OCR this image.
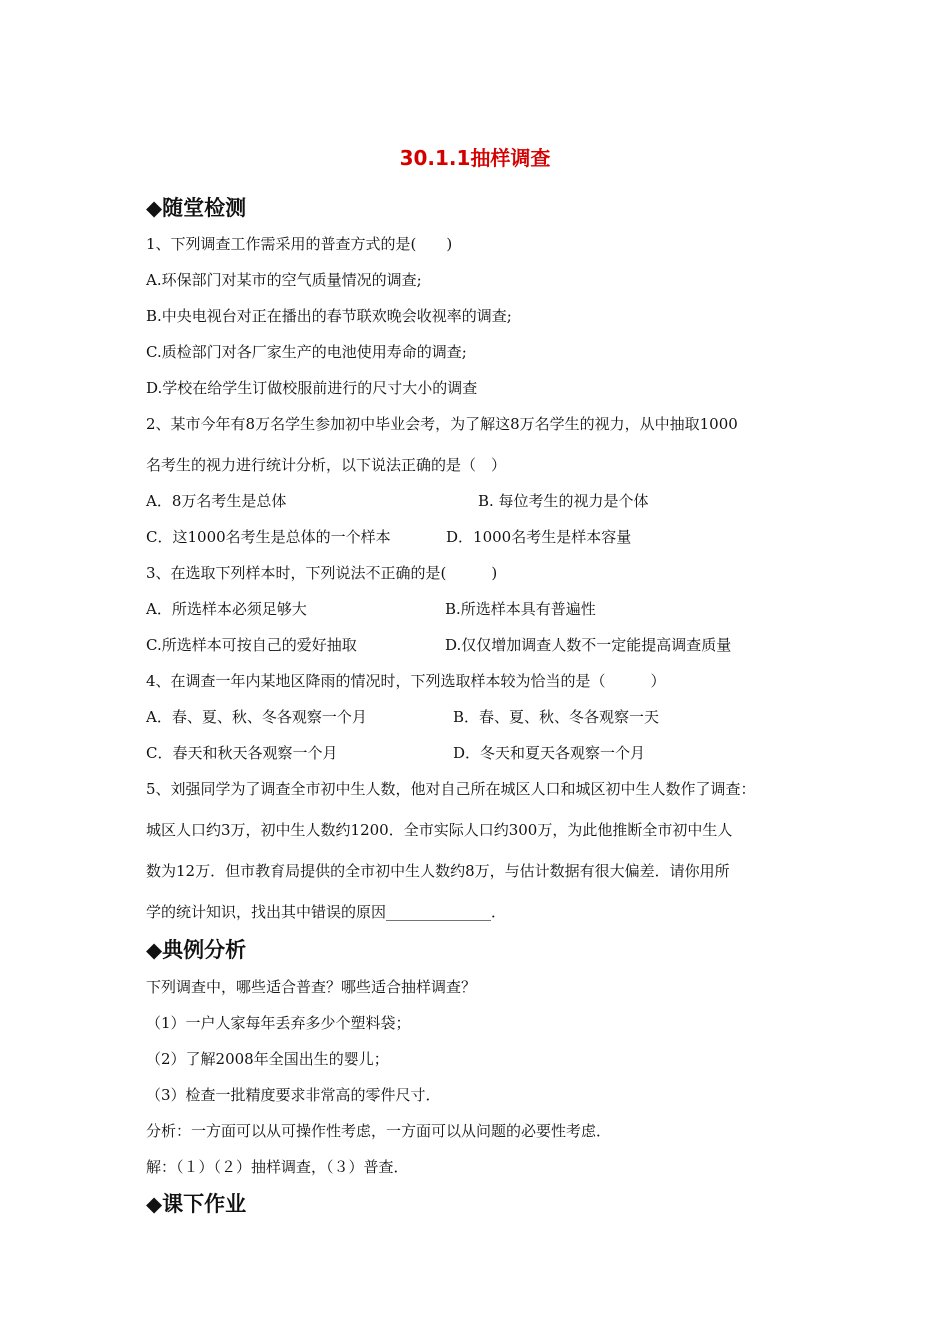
30.1.1抽样调查
◆随堂检测
1、下列调查工作需采用的普查方式的是(　　)
A.环保部门对某市的空气质量情况的调查;
B.中央电视台对正在播出的春节联欢晚会收视率的调查;
C.质检部门对各厂家生产的电池使用寿命的调查;
D.学校在给学生订做校服前进行的尺寸大小的调查
2、某市今年有8万名学生参加初中毕业会考，为了解这8万名学生的视力，从中抽取1000
名考生的视力进行统计分析，以下说法正确的是（　）
A．8万名考生是总体	B. 每位考生的视力是个体
C．这1000名考生是总体的一个样本	D．1000名考生是样本容量
3、在选取下列样本时，下列说法不正确的是(　　　)
A．所选样本必须足够大	B.所选样本具有普遍性
C.所选样本可按自己的爱好抽取	D.仅仅增加调查人数不一定能提高调查质量
4、在调查一年内某地区降雨的情况时，下列选取样本较为恰当的是（　　　）
A．春、夏、秋、冬各观察一个月	B．春、夏、秋、冬各观察一天
C．春天和秋天各观察一个月	D．冬天和夏天各观察一个月
5、刘强同学为了调查全市初中生人数，他对自己所在城区人口和城区初中生人数作了调查：
城区人口约3万，初中生人数约1200．全市实际人口约300万，为此他推断全市初中生人
数为12万．但市教育局提供的全市初中生人数约8万，与估计数据有很大偏差．请你用所
学的统计知识，找出其中错误的原因______________．
◆典例分析
下列调查中，哪些适合普查？哪些适合抽样调查？
（1）一户人家每年丢弃多少个塑料袋；
（2）了解2008年全国出生的婴儿；
（3）检查一批精度要求非常高的零件尺寸．
分析：一方面可以从可操作性考虑，一方面可以从问题的必要性考虑．
解：（１）（２）抽样调查，（３）普查．
◆课下作业
